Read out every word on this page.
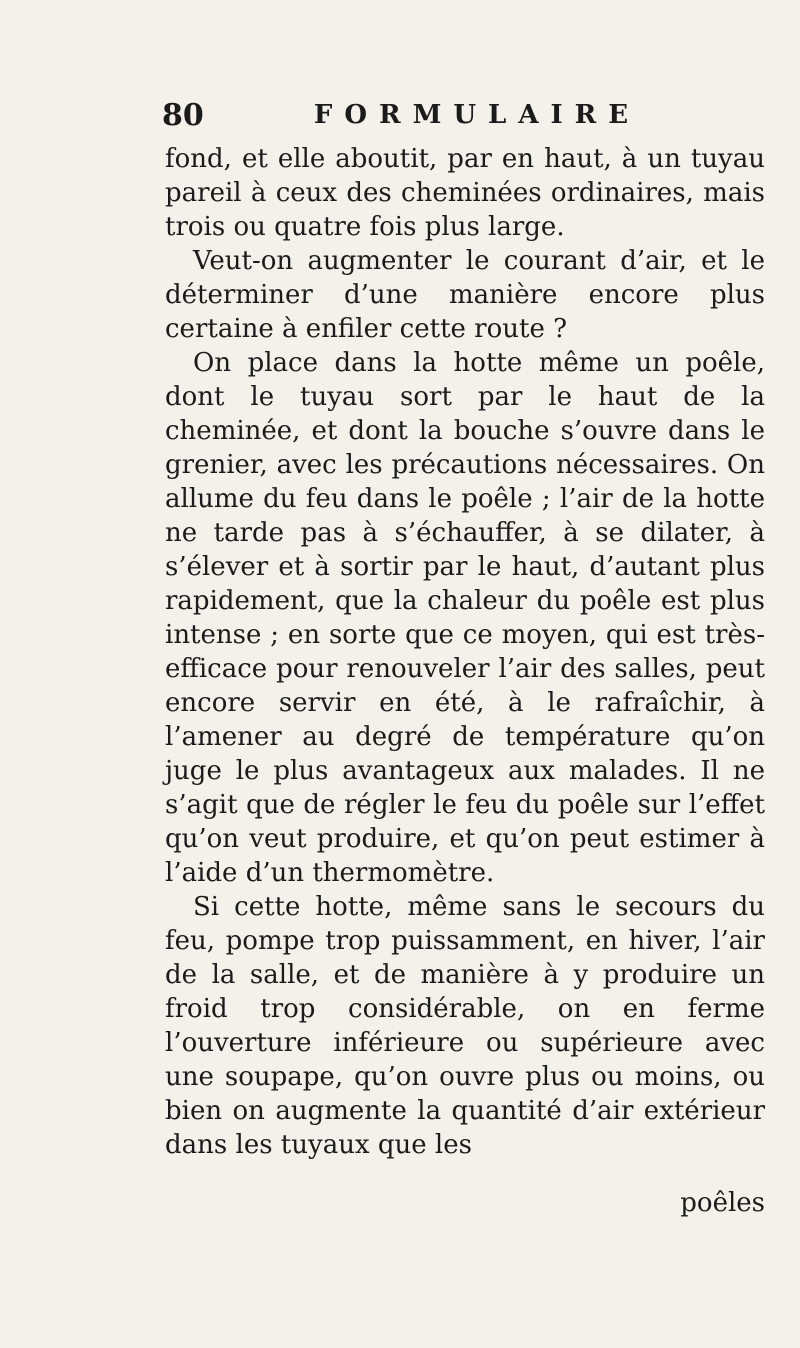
80	FORMULAIRE

fond, et elle aboutit, par en haut, à un tuyau pareil à ceux des cheminées ordinaires, mais trois ou quatre fois plus large.

Veut-on augmenter le courant d’air, et le déterminer d’une manière encore plus certaine à enfiler cette route ?

On place dans la hotte même un poêle, dont le tuyau sort par le haut de la cheminée, et dont la bouche s’ouvre dans le grenier, avec les précautions nécessaires. On allume du feu dans le poêle ; l’air de la hotte ne tarde pas à s’échauffer, à se dilater, à s’élever et à sortir par le haut, d’autant plus rapidement, que la chaleur du poêle est plus intense ; en sorte que ce moyen, qui est très-efficace pour renouveler l’air des salles, peut encore servir en été, à le rafraîchir, à l’amener au degré de température qu’on juge le plus avantageux aux malades. Il ne s’agit que de régler le feu du poêle sur l’effet qu’on veut produire, et qu’on peut estimer à l’aide d’un thermomètre.

Si cette hotte, même sans le secours du feu, pompe trop puissamment, en hiver, l’air de la salle, et de manière à y produire un froid trop considérable, on en ferme l’ouverture inférieure ou supérieure avec une soupape, qu’on ouvre plus ou moins, ou bien on augmente la quantité d’air extérieur dans les tuyaux que les

poêles
